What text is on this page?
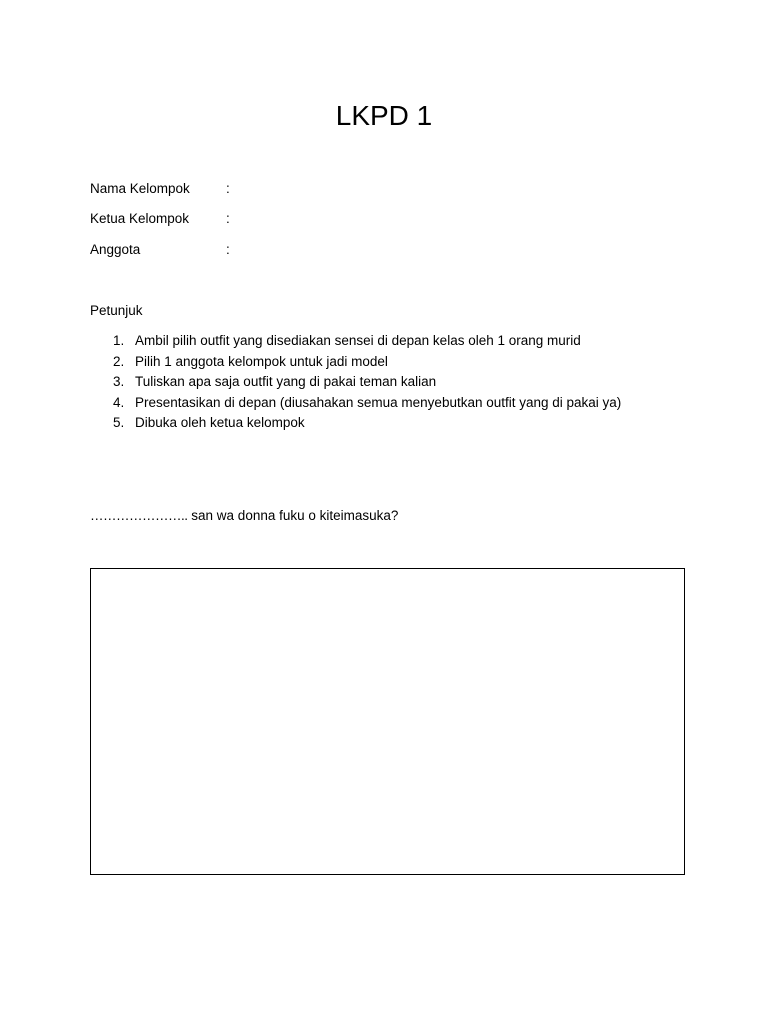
LKPD 1
Nama Kelompok	:
Ketua Kelompok	:
Anggota	:
Petunjuk
1. Ambil pilih outfit yang disediakan sensei di depan kelas oleh 1 orang murid
2. Pilih 1 anggota kelompok untuk jadi model
3. Tuliskan apa saja outfit yang di pakai teman kalian
4. Presentasikan di depan (diusahakan semua menyebutkan outfit yang di pakai ya)
5. Dibuka oleh ketua kelompok
………………….. san wa donna fuku o kiteimasuka?
